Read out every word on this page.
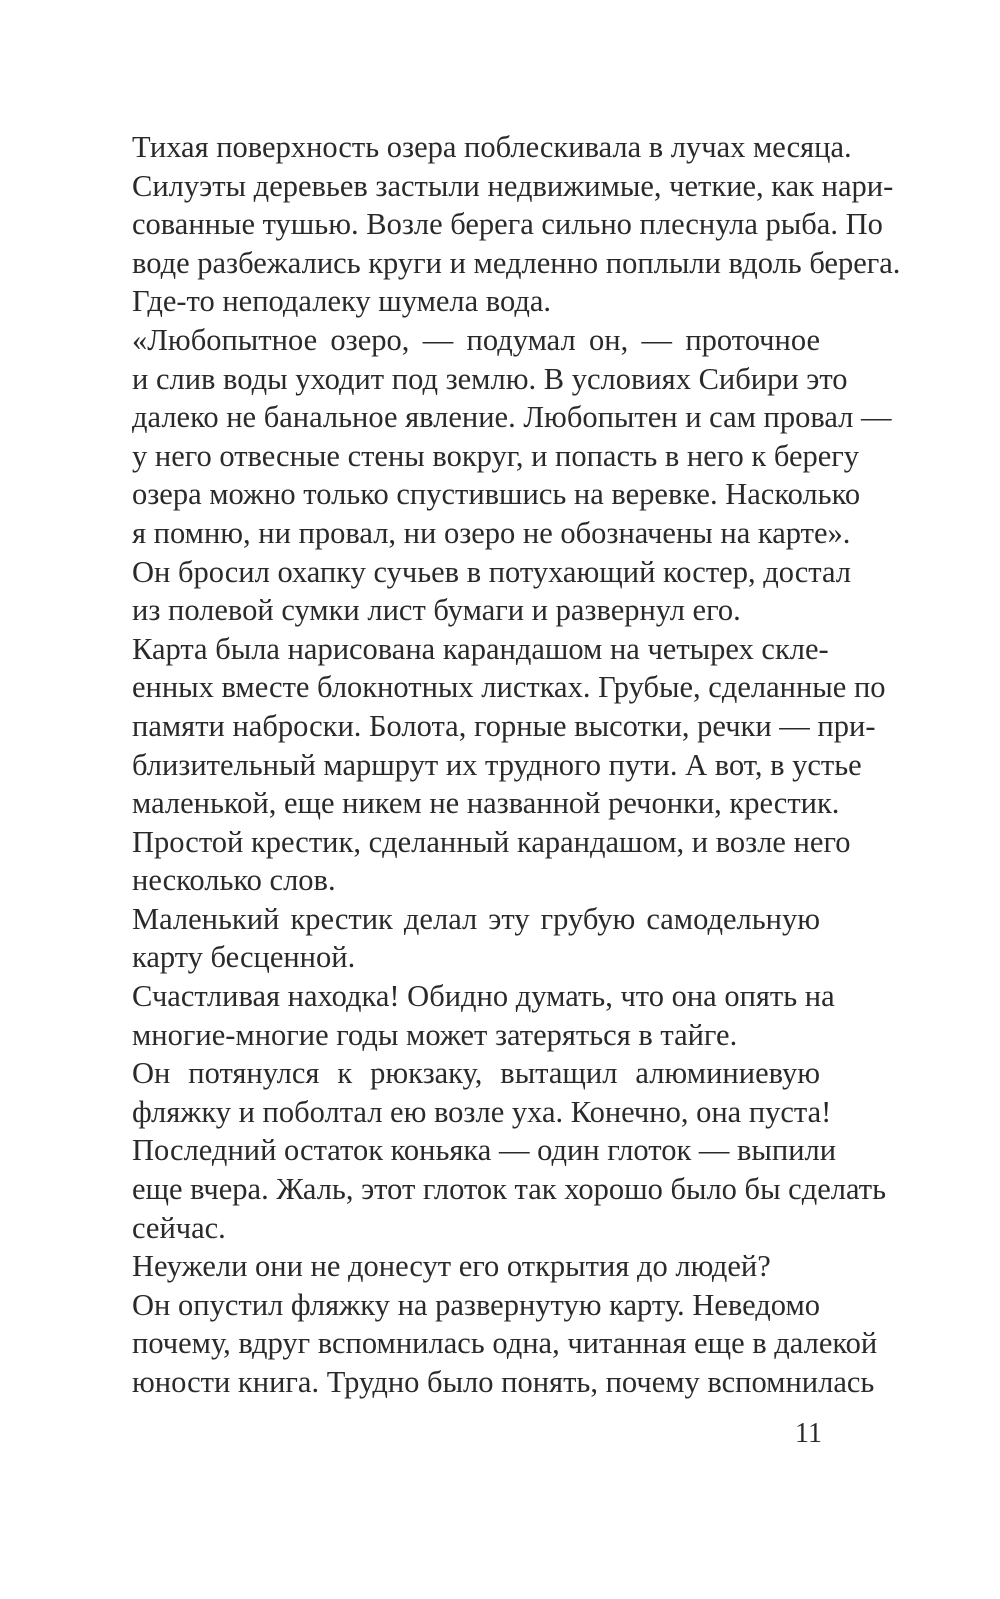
Тихая поверхность озера поблескивала в лучах месяца.
Силуэты деревьев застыли недвижимые, четкие, как нари-
сованные тушью. Возле берега сильно плеснула рыба. По
воде разбежались круги и медленно поплыли вдоль берега.
Где-то неподалеку шумела вода.
«Любопытное озеро, — подумал он, — проточное
и слив воды уходит под землю. В условиях Сибири это
далеко не банальное явление. Любопытен и сам провал —
у него отвесные стены вокруг, и попасть в него к берегу
озера можно только спустившись на веревке. Насколько
я помню, ни провал, ни озеро не обозначены на карте».
Он бросил охапку сучьев в потухающий костер, достал
из полевой сумки лист бумаги и развернул его.
Карта была нарисована карандашом на четырех скле-
енных вместе блокнотных листках. Грубые, сделанные по
памяти наброски. Болота, горные высотки, речки — при-
близительный маршрут их трудного пути. А вот, в устье
маленькой, еще никем не названной речонки, крестик.
Простой крестик, сделанный карандашом, и возле него
несколько слов.
Маленький крестик делал эту грубую самодельную
карту бесценной.
Счастливая находка! Обидно думать, что она опять на
многие-многие годы может затеряться в тайге.
Он потянулся к рюкзаку, вытащил алюминиевую
фляжку и поболтал ею возле уха. Конечно, она пуста!
Последний остаток коньяка — один глоток — выпили
еще вчера. Жаль, этот глоток так хорошо было бы сделать
сейчас.
Неужели они не донесут его открытия до людей?
Он опустил фляжку на развернутую карту. Неведомо
почему, вдруг вспомнилась одна, читанная еще в далекой
юности книга. Трудно было понять, почему вспомнилась
11
